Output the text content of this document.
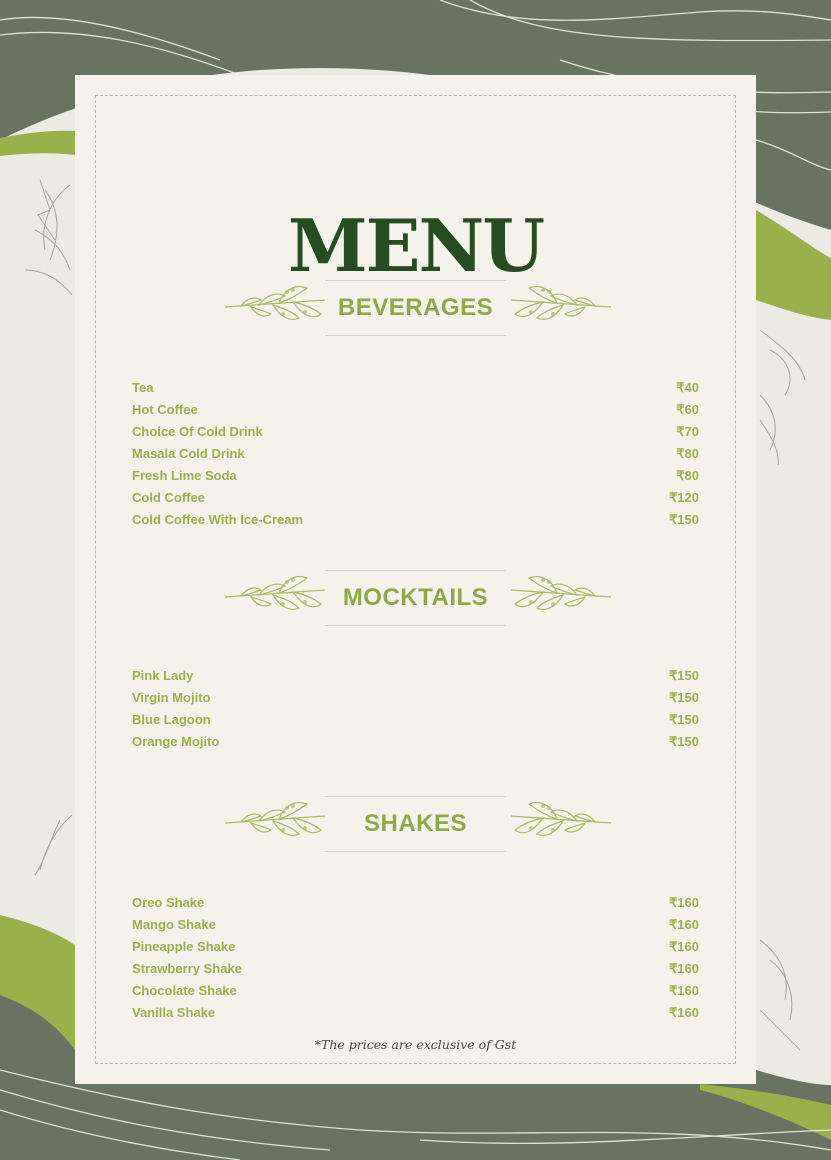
MENU
BEVERAGES
Tea	₹40
Hot Coffee	₹60
Choice Of Cold Drink	₹70
Masala Cold Drink	₹80
Fresh Lime Soda	₹80
Cold Coffee	₹120
Cold Coffee With Ice-Cream	₹150
MOCKTAILS
Pink Lady	₹150
Virgin Mojito	₹150
Blue Lagoon	₹150
Orange Mojito	₹150
SHAKES
Oreo Shake	₹160
Mango Shake	₹160
Pineapple Shake	₹160
Strawberry Shake	₹160
Chocolate Shake	₹160
Vanilla Shake	₹160
*The prices are exclusive of Gst
